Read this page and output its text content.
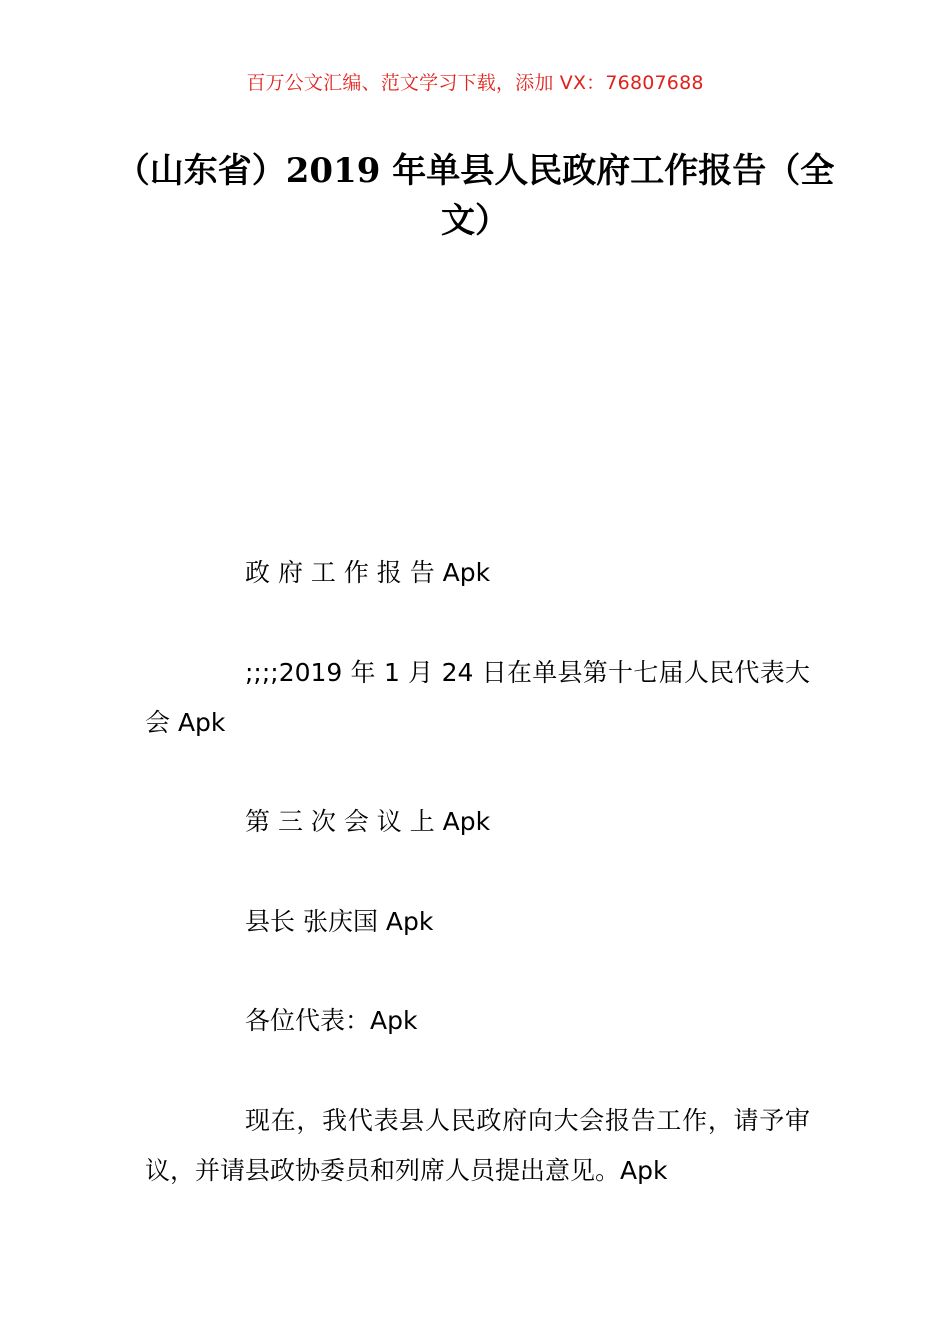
百万公文汇编、范文学习下载，添加 VX：76807688
（山东省）2019 年单县人民政府工作报告（全文）

政 府 工 作 报 告 Apk

;;;;2019 年 1 月 24 日在单县第十七届人民代表大会 Apk

第 三 次 会 议 上 Apk

县长 张庆国 Apk

各位代表：Apk

现在，我代表县人民政府向大会报告工作，请予审议，并请县政协委员和列席人员提出意见。Apk
